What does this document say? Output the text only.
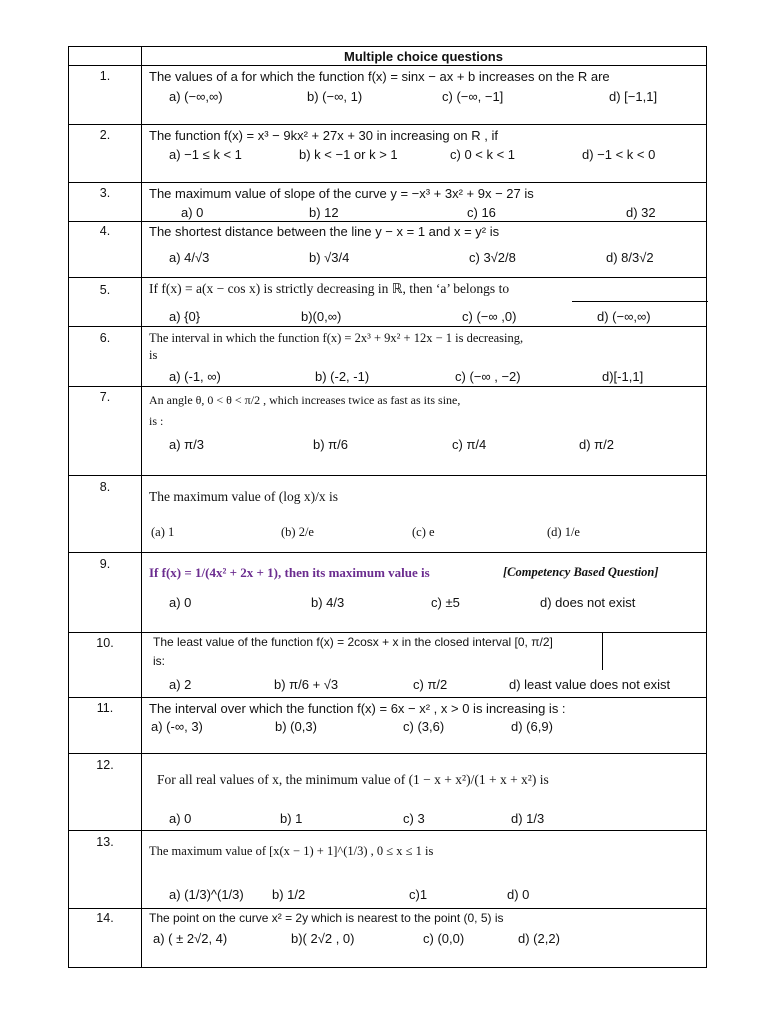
Multiple choice questions
1.	The values of a for which the function f(x) = sinx − ax + b increases on the R are
a) (−∞,∞)	b) (−∞, 1)	c) (−∞, −1]	d) [−1,1]
2.	The function f(x) = x³ − 9kx² + 27x + 30 in increasing on R , if
a) −1 ≤ k < 1	b) k < −1 or k > 1	c) 0 < k < 1	d) −1 < k < 0
3.	The maximum value of slope of the curve y = −x³ + 3x² + 9x − 27 is
a) 0	b) 12	c) 16	d) 32
4.	The shortest distance between the line y − x = 1 and x = y² is
a) 4/√3	b) √3/4	c) 3√2/8	d) 8/3√2
5.	If f(x) = a(x − cos x) is strictly decreasing in ℝ, then ‘a’ belongs to
a) {0}	b)(0,∞)	c) (−∞ ,0)	d) (−∞,∞)
6.	The interval in which the function f(x) = 2x³ + 9x² + 12x − 1 is decreasing,
is
a) (-1, ∞)	b) (-2, -1)	c) (−∞ , −2)	d)[-1,1]
7.	An angle θ, 0 < θ < π/2 , which increases twice as fast as its sine,
is :
a) π/3	b) π/6	c) π/4	d) π/2
8.
The maximum value of (log x)/x is
(a) 1	(b) 2/e	(c) e	(d) 1/e
9.
If f(x) = 1/(4x² + 2x + 1), then its maximum value is	[Competency Based Question]
a) 0	b) 4/3	c) ±5	d) does not exist
10.	The least value of the function f(x) = 2cosx + x in the closed interval [0, π/2]
is:
a) 2	b) π/6 + √3	c) π/2	d) least value does not exist
11.	The interval over which the function f(x) = 6x − x² , x > 0 is increasing is :
a) (-∞, 3)	b) (0,3)	c) (3,6)	d) (6,9)
12.
For all real values of x, the minimum value of (1 − x + x²)/(1 + x + x²) is
a) 0	b) 1	c) 3	d) 1/3
13.
The maximum value of [x(x − 1) + 1]^(1/3) , 0 ≤ x ≤ 1 is
a) (1/3)^(1/3) b) 1/2	c)1	d) 0
14.	The point on the curve x² = 2y which is nearest to the point (0, 5) is
a) ( ± 2√2, 4)	b)( 2√2 , 0)	c) (0,0)	d) (2,2)
